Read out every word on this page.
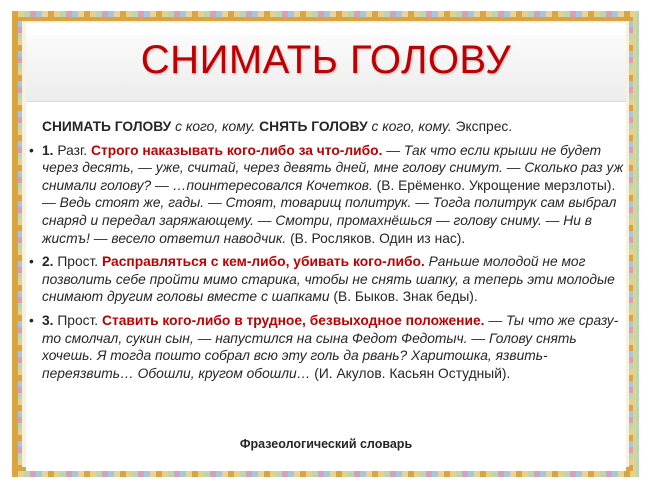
СНИМАТЬ ГОЛОВУ

СНИМАТЬ ГОЛОВУ с кого, кому. СНЯТЬ ГОЛОВУ с кого, кому. Экспрес.

• 1. Разг. Строго наказывать кого-либо за что-либо. — Так что если крыши не будет через десять, — уже, считай, через девять дней, мне голову снимут. — Сколько раз уж снимали голову? — …поинтересовался Кочетков. (В. Ерёменко. Укрощение мерзлоты). — Ведь стоят же, гады. — Стоят, товарищ политрук. — Тогда политрук сам выбрал снаряд и передал заряжающему. — Смотри, промахнёшься — голову сниму. — Ни в жистъ! — весело ответил наводчик. (В. Росляков. Один из нас).

• 2. Прост. Расправляться с кем-либо, убивать кого-либо. Раньше молодой не мог позволить себе пройти мимо старика, чтобы не снять шапку, а теперь эти молодые снимают другим головы вместе с шапками (В. Быков. Знак беды).

• 3. Прост. Ставить кого-либо в трудное, безвыходное положение. — Ты что же сразу-то смолчал, сукин сын, — напустился на сына Федот Федотыч. — Голову снять хочешь. Я тогда пошто собрал всю эту голь да рвань? Харитошка, язвить-переязвить… Обошли, кругом обошли… (И. Акулов. Касьян Остудный).

Фразеологический словарь
